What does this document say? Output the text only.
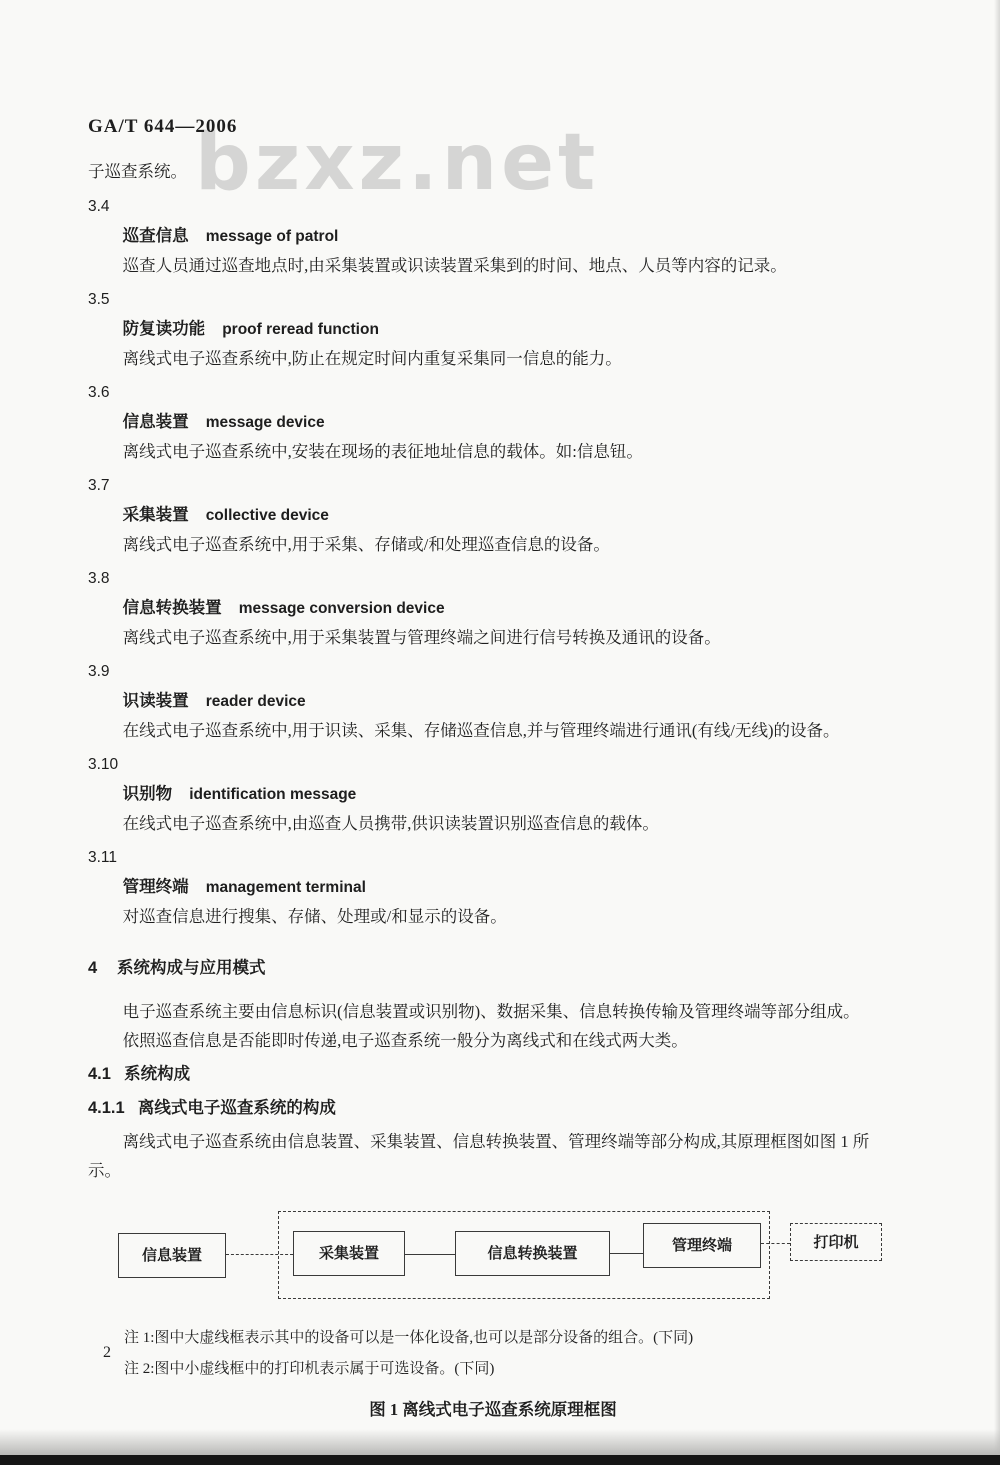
bzxz.net
GA/T 644—2006

子巡查系统。

3.4
巡查信息 message of patrol

巡查人员通过巡查地点时,由采集装置或识读装置采集到的时间、地点、人员等内容的记录。

3.5
防复读功能 proof reread function

离线式电子巡查系统中,防止在规定时间内重复采集同一信息的能力。

3.6
信息装置 message device

离线式电子巡查系统中,安装在现场的表征地址信息的载体。如:信息钮。

3.7
采集装置 collective device

离线式电子巡查系统中,用于采集、存储或/和处理巡查信息的设备。

3.8
信息转换装置 message conversion device

离线式电子巡查系统中,用于采集装置与管理终端之间进行信号转换及通讯的设备。

3.9
识读装置 reader device

在线式电子巡查系统中,用于识读、采集、存储巡查信息,并与管理终端进行通讯(有线/无线)的设备。

3.10
识别物 identification message

在线式电子巡查系统中,由巡查人员携带,供识读装置识别巡查信息的载体。

3.11
管理终端 management terminal

对巡查信息进行搜集、存储、处理或/和显示的设备。

4 系统构成与应用模式

电子巡查系统主要由信息标识(信息装置或识别物)、数据采集、信息转换传输及管理终端等部分组成。

依照巡查信息是否能即时传递,电子巡查系统一般分为离线式和在线式两大类。

4.1 系统构成
4.1.1 离线式电子巡查系统的构成

离线式电子巡查系统由信息装置、采集装置、信息转换装置、管理终端等部分构成,其原理框图如图 1 所示。

信息装置	采集装置	信息转换装置	管理终端	打印机

注 1:图中大虚线框表示其中的设备可以是一体化设备,也可以是部分设备的组合。(下同)

注 2:图中小虚线框中的打印机表示属于可选设备。(下同)

图 1 离线式电子巡查系统原理框图
2
